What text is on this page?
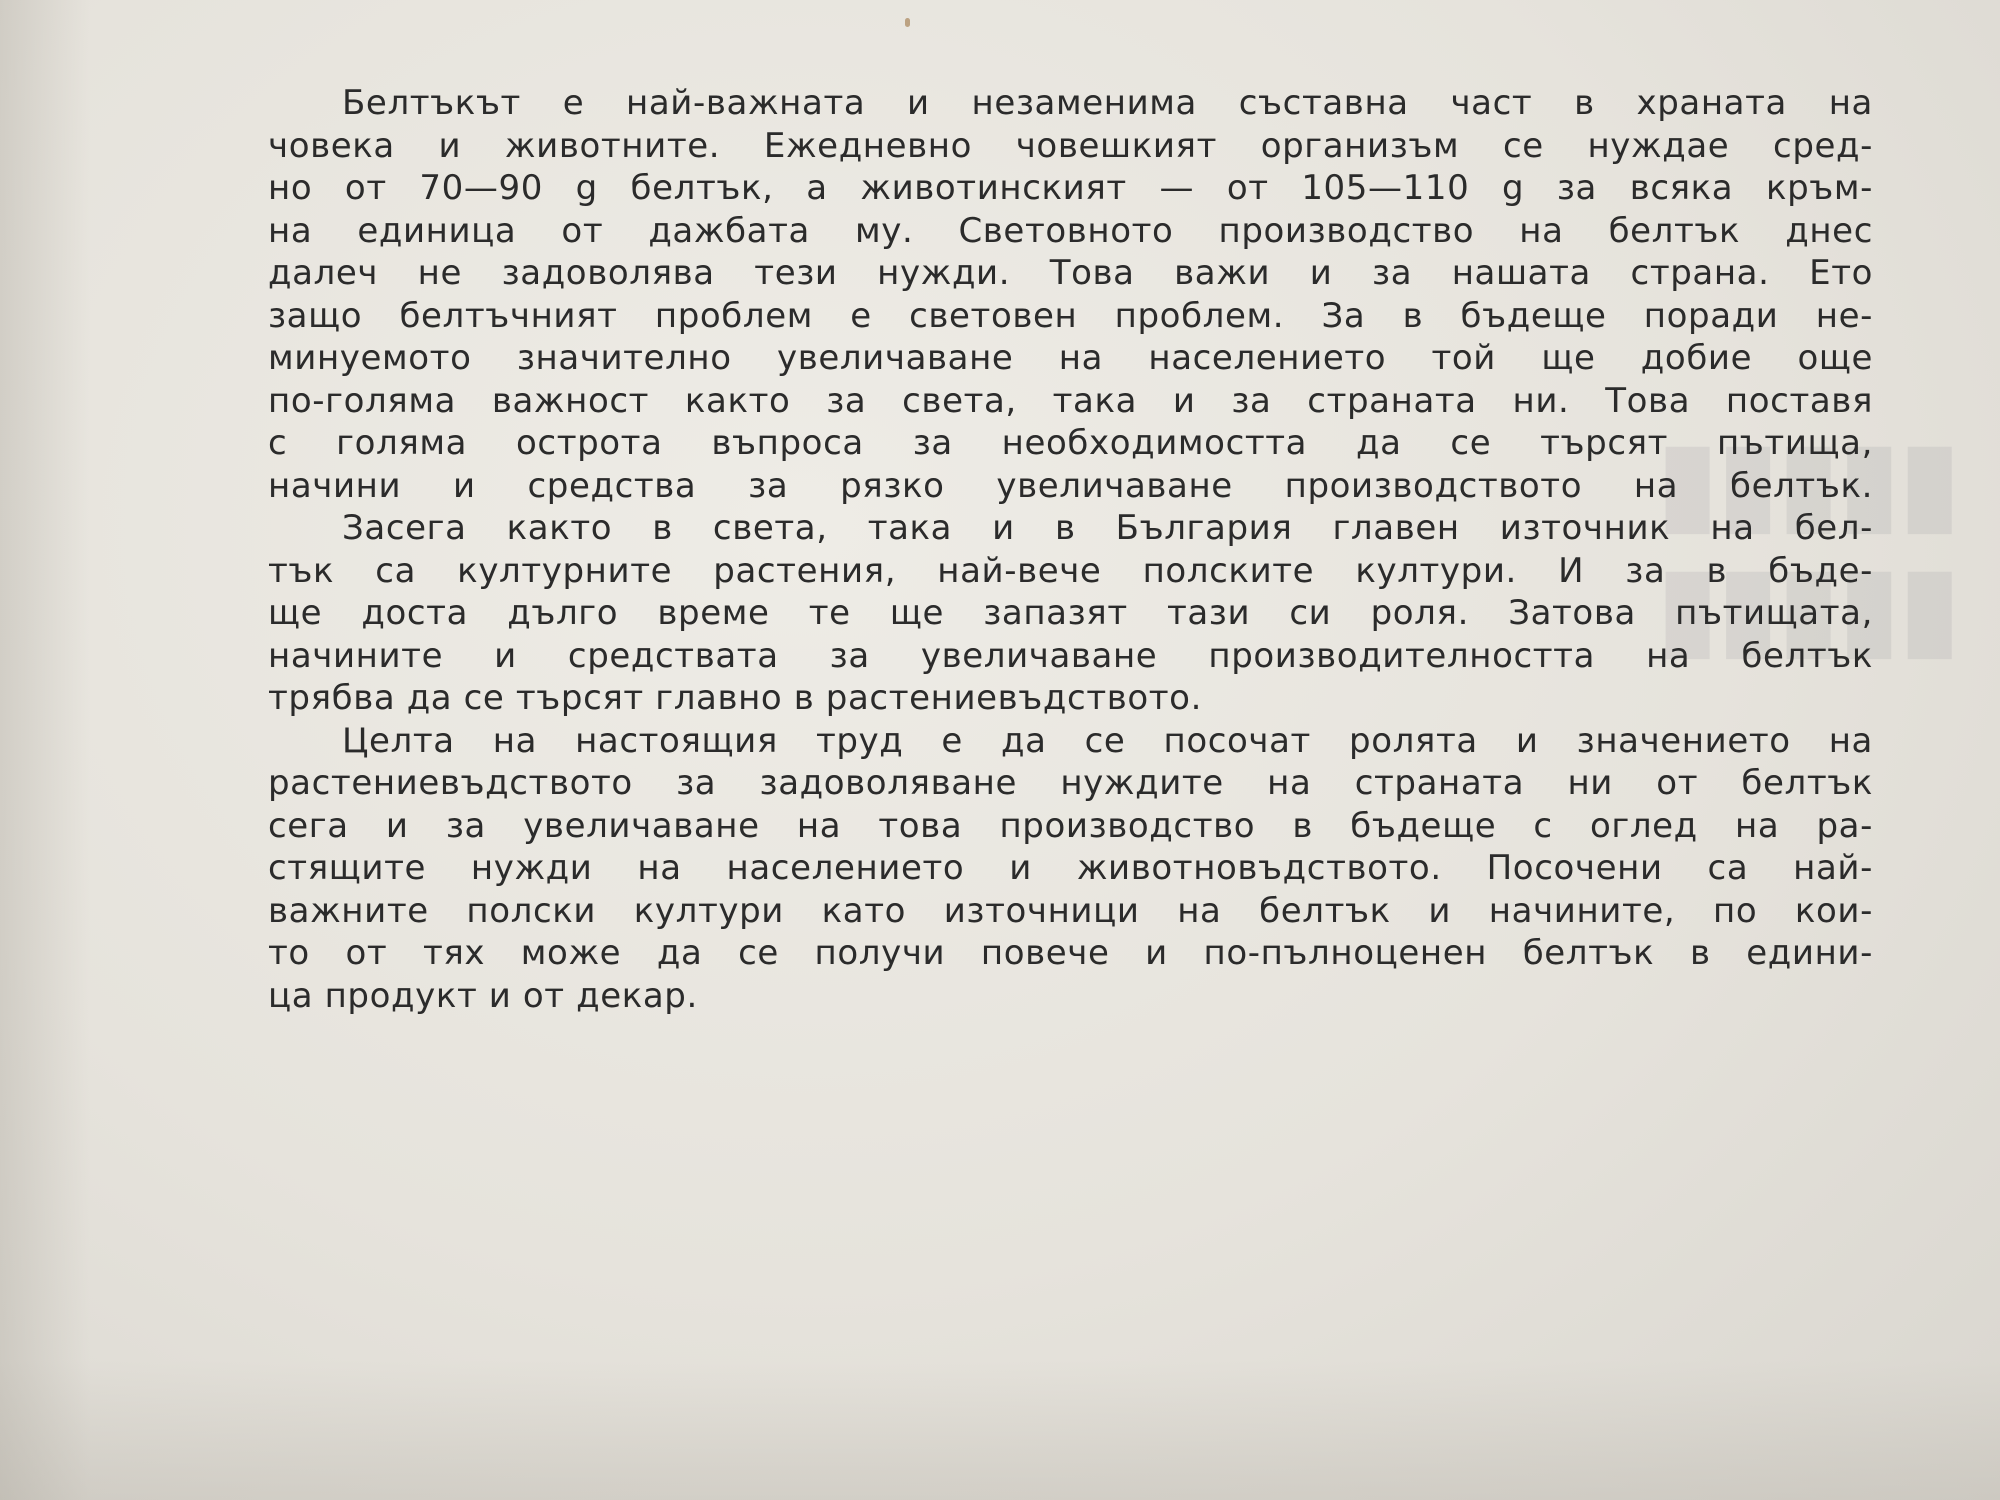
▮▮▮▮▮
▮▮▮▮▮
Белтъкът е най-важната и незаменима съставна част в храната на
човека и животните. Ежедневно човешкият организъм се нуждае сред-
но от 70—90 g белтък, а животинският — от 105—110 g за всяка кръм-
на единица от дажбата му. Световното производство на белтък днес
далеч не задоволява тези нужди. Това важи и за нашата страна. Ето
защо белтъчният проблем е световен проблем. За в бъдеще поради не-
минуемото значително увеличаване на населението той ще добие още
по-голяма важност както за света, така и за страната ни. Това поставя
с голяма острота въпроса за необходимостта да се търсят пътища,
начини и средства за рязко увеличаване производството на белтък.
Засега както в света, така и в България главен източник на бел-
тък са културните растения, най-вече полските култури. И за в бъде-
ще доста дълго време те ще запазят тази си роля. Затова пътищата,
начините и средствата за увеличаване производителността на белтък
трябва да се търсят главно в растениевъдството.
Целта на настоящия труд е да се посочат ролята и значението на
растениевъдството за задоволяване нуждите на страната ни от белтък
сега и за увеличаване на това производство в бъдеще с оглед на ра-
стящите нужди на населението и животновъдството. Посочени са най-
важните полски култури като източници на белтък и начините, по кои-
то от тях може да се получи повече и по-пълноценен белтък в едини-
ца продукт и от декар.
